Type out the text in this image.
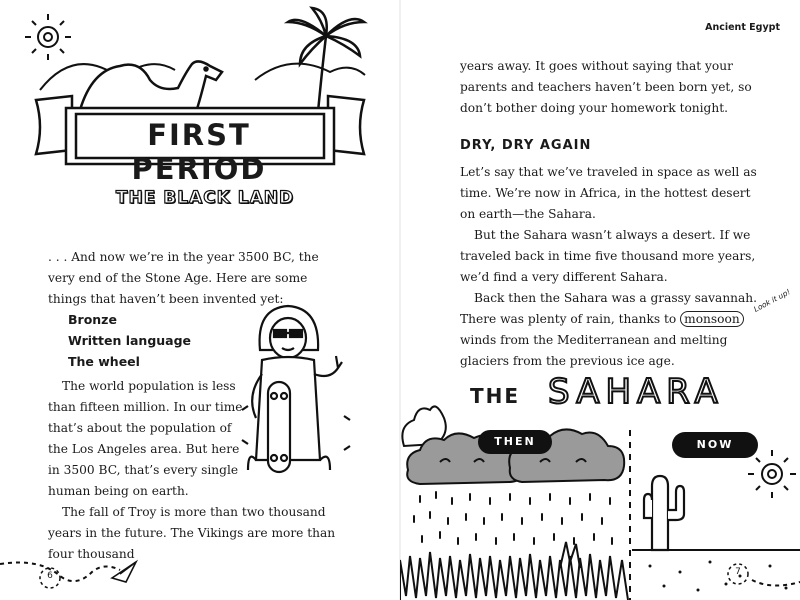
FIRST PERIOD
THE BLACK LAND

. . . And now we’re in the year 3500 BC, the very end of the Stone Age. Here are some things that haven’t been invented yet:

Bronze
Written language
The wheel
The world population is less
than fifteen million. In our time
that’s about the population of
the Los Angeles area. But here
in 3500 BC, that’s every single
human being on earth.

The fall of Troy is more than two thousand years in the future. The Vikings are more than four thousand

6
Ancient Egypt

years away. It goes without saying that your parents and teachers haven’t been born yet, so don’t bother doing your homework tonight.

DRY, DRY AGAIN

Let’s say that we’ve traveled in space as well as time. We’re now in Africa, in the hottest desert on earth—the Sahara.

But the Sahara wasn’t always a desert. If we traveled back in time five thousand more years, we’d find a very different Sahara.

Back then the Sahara was a grassy savannah. There was plenty of rain, thanks to monsoon winds from the Mediterranean and melting glaciers from the previous ice age.

Look it up!
THE SAHARA
THEN	NOW
7
